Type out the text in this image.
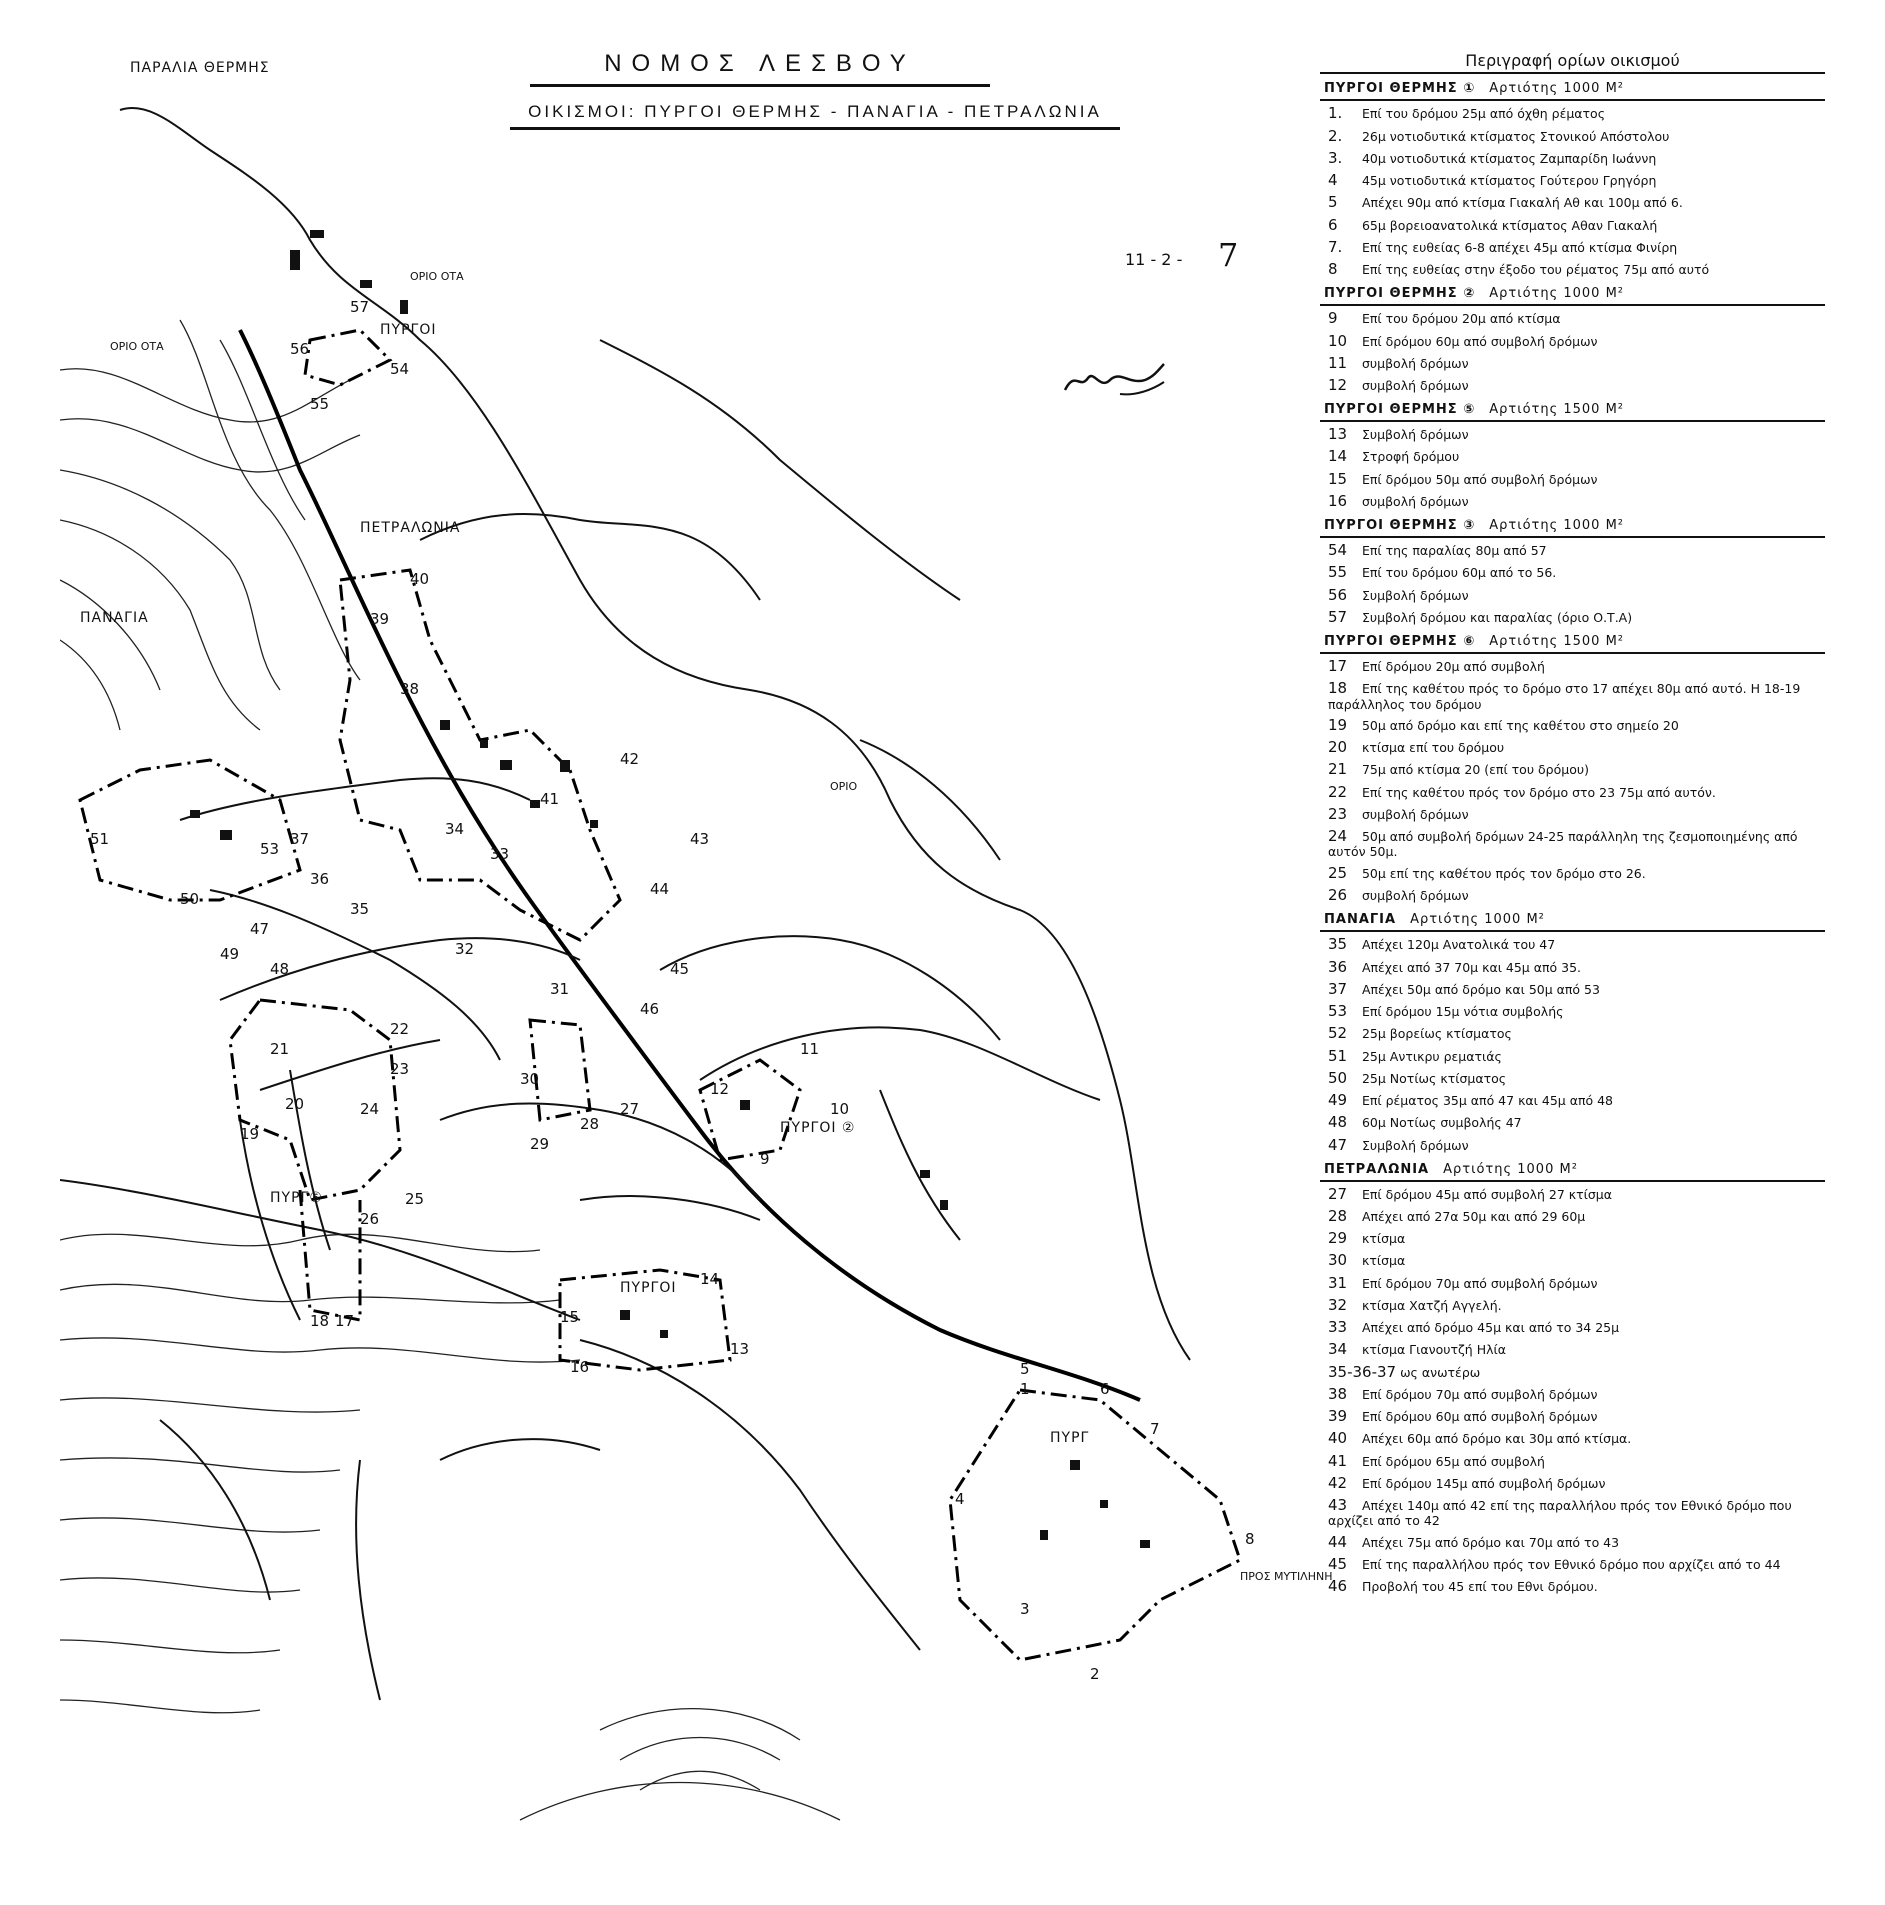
ΝΟΜΟΣ ΛΕΣΒΟΥ
ΟΙΚΙΣΜΟΙ: ΠΥΡΓΟΙ ΘΕΡΜΗΣ - ΠΑΝΑΓΙΑ - ΠΕΤΡΑΛΩΝΙΑ
11 - 2 - 7
ΠΑΡΑΛΙΑ ΘΕΡΜΗΣ
ΠΕΤΡΑΛΩΝΙΑ
ΠΑΝΑΓΙΑ
ΠΥΡΓΟΙ
ΠΥΡΓΟΙ ②
ΠΥΡΓΟΙ
ΠΥΡΓ⑥
ΠΥΡΓ
ΟΡΙΟ ΟΤΑ
ΟΡΙΟ ΟΤΑ
ΠΡΟΣ ΜΥΤΙΛΗΝΗ
ΟΡΙΟ
1
2
3
4
5
6
7
8
9
10
11
12
13
14
15
16
17
18
19
20
21
22
23
24
25
26
27
28
29
30
31
32
33
34
35
36
37
38
39
40
41
42
43
44
45
46
47
48
49
50
51
53
54
55
56
57
Περιγραφή ορίων οικισμού
ΠΥΡΓΟΙ ΘΕΡΜΗΣ ① Αρτιότης 1000 M²
1. Επί του δρόμου 25μ από όχθη ρέματος
2. 26μ νοτιοδυτικά κτίσματος Στονικού Απόστολου
3. 40μ νοτιοδυτικά κτίσματος Ζαμπαρίδη Ιωάννη
4 45μ νοτιοδυτικά κτίσματος Γούτερου Γρηγόρη
5 Απέχει 90μ από κτίσμα Γιακαλή Αθ και 100μ από 6.
6 65μ βορειοανατολικά κτίσματος Αθαν Γιακαλή
7. Επί της ευθείας 6-8 απέχει 45μ από κτίσμα Φινίρη
8 Επί της ευθείας στην έξοδο του ρέματος 75μ από αυτό
ΠΥΡΓΟΙ ΘΕΡΜΗΣ ② Αρτιότης 1000 M²
9 Επί του δρόμου 20μ από κτίσμα
10 Επί δρόμου 60μ από συμβολή δρόμων
11 συμβολή δρόμων
12 συμβολή δρόμων
ΠΥΡΓΟΙ ΘΕΡΜΗΣ ⑤ Αρτιότης 1500 M²
13 Συμβολή δρόμων
14 Στροφή δρόμου
15 Επί δρόμου 50μ από συμβολή δρόμων
16 συμβολή δρόμων
ΠΥΡΓΟΙ ΘΕΡΜΗΣ ③ Αρτιότης 1000 M²
54 Επί της παραλίας 80μ από 57
55 Επί του δρόμου 60μ από το 56.
56 Συμβολή δρόμων
57 Συμβολή δρόμου και παραλίας (όριο Ο.Τ.Α)
ΠΥΡΓΟΙ ΘΕΡΜΗΣ ⑥ Αρτιότης 1500 M²
17 Επί δρόμου 20μ από συμβολή
18 Επί της καθέτου πρός το δρόμο στο 17 απέχει 80μ από αυτό. Η 18-19 παράλληλος του δρόμου
19 50μ από δρόμο και επί της καθέτου στο σημείο 20
20 κτίσμα επί του δρόμου
21 75μ από κτίσμα 20 (επί του δρόμου)
22 Επί της καθέτου πρός τον δρόμο στο 23 75μ από αυτόν.
23 συμβολή δρόμων
24 50μ από συμβολή δρόμων 24-25 παράλληλη της ζεσμοποιημένης από αυτόν 50μ.
25 50μ επί της καθέτου πρός τον δρόμο στο 26.
26 συμβολή δρόμων
ΠΑΝΑΓΙΑ Αρτιότης 1000 M²
35 Απέχει 120μ Ανατολικά του 47
36 Απέχει από 37 70μ και 45μ από 35.
37 Απέχει 50μ από δρόμο και 50μ από 53
53 Επί δρόμου 15μ νότια συμβολής
52 25μ βορείως κτίσματος
51 25μ Αντικρυ ρεματιάς
50 25μ Νοτίως κτίσματος
49 Επί ρέματος 35μ από 47 και 45μ από 48
48 60μ Νοτίως συμβολής 47
47 Συμβολή δρόμων
ΠΕΤΡΑΛΩΝΙΑ Αρτιότης 1000 M²
27 Επί δρόμου 45μ από συμβολή 27 κτίσμα
28 Απέχει από 27α 50μ και από 29 60μ
29 κτίσμα
30 κτίσμα
31 Επί δρόμου 70μ από συμβολή δρόμων
32 κτίσμα Χατζή Αγγελή.
33 Απέχει από δρόμο 45μ και από το 34 25μ
34 κτίσμα Γιανουτζή Ηλία
35-36-37 ως ανωτέρω
38 Επί δρόμου 70μ από συμβολή δρόμων
39 Επί δρόμου 60μ από συμβολή δρόμων
40 Απέχει 60μ από δρόμο και 30μ από κτίσμα.
41 Επί δρόμου 65μ από συμβολή
42 Επί δρόμου 145μ από συμβολή δρόμων
43 Απέχει 140μ από 42 επί της παραλλήλου πρός τον Εθνικό δρόμο που αρχίζει από το 42
44 Απέχει 75μ από δρόμο και 70μ από το 43
45 Επί της παραλλήλου πρός τον Εθνικό δρόμο που αρχίζει από το 44
46 Προβολή του 45 επί του Εθνι δρόμου.
